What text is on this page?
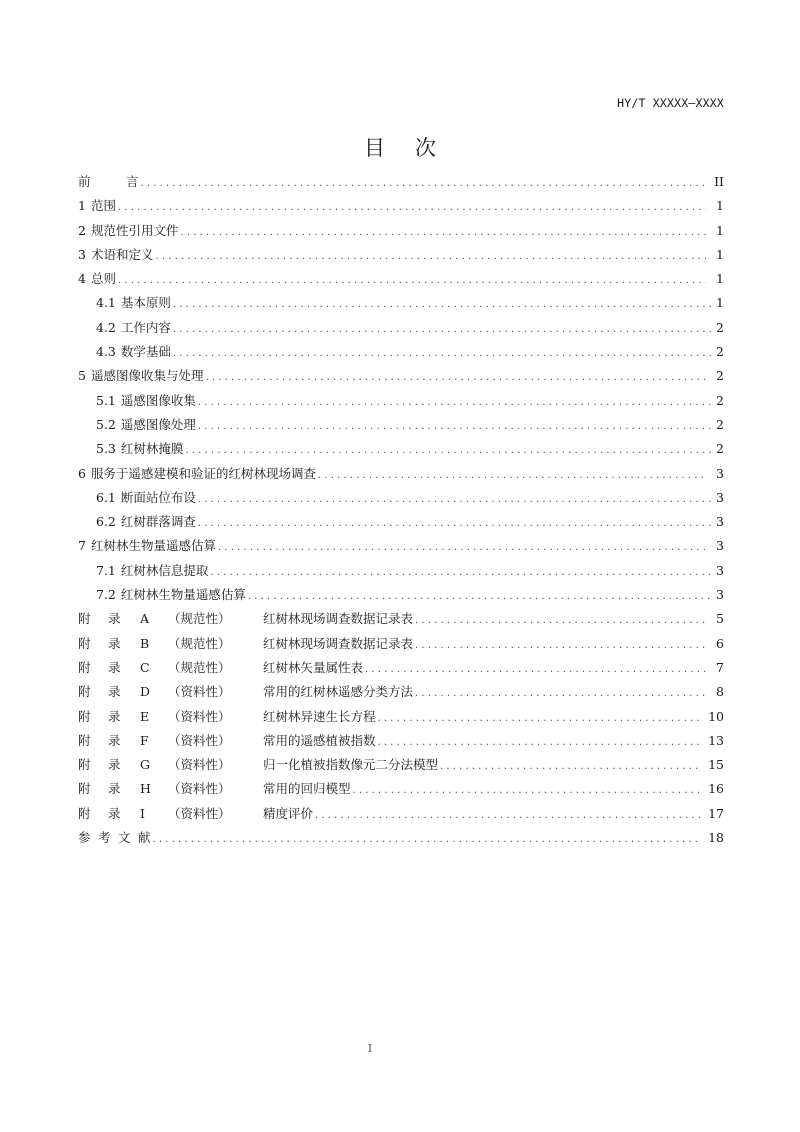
HY/T XXXXX—XXXX
目 次
前	言 .....	II
1 范围 .....	1
2 规范性引用文件 .....	1
3 术语和定义 .....	1
4 总则 .....	1
4.1 基本原则 .....	1
4.2 工作内容 .....	2
4.3 数学基础 .....	2
5 遥感图像收集与处理 .....	2
5.1 遥感图像收集 .....	2
5.2 遥感图像处理 .....	2
5.3 红树林掩膜 .....	2
6 服务于遥感建模和验证的红树林现场调查 .....	3
6.1 断面站位布设 .....	3
6.2 红树群落调查 .....	3
7 红树林生物量遥感估算 .....	3
7.1 红树林信息提取 .....	3
7.2 红树林生物量遥感估算 .....	3
附	录	A	（规范性）	红树林现场调查数据记录表 .....	5
附	录	B	（规范性）	红树林现场调查数据记录表 .....	6
附	录	C	（规范性）	红树林矢量属性表 .....	7
附	录	D	（资料性）	常用的红树林遥感分类方法 .....	8
附	录	E	（资料性）	红树林异速生长方程 .....	10
附	录	F	（资料性）	常用的遥感植被指数 .....	13
附	录	G	（资料性）	归一化植被指数像元二分法模型 .....	15
附	录	H	（资料性）	常用的回归模型 .....	16
附	录	I	（资料性）	精度评价 .....	17
参 考 文 献 .....	18
I
